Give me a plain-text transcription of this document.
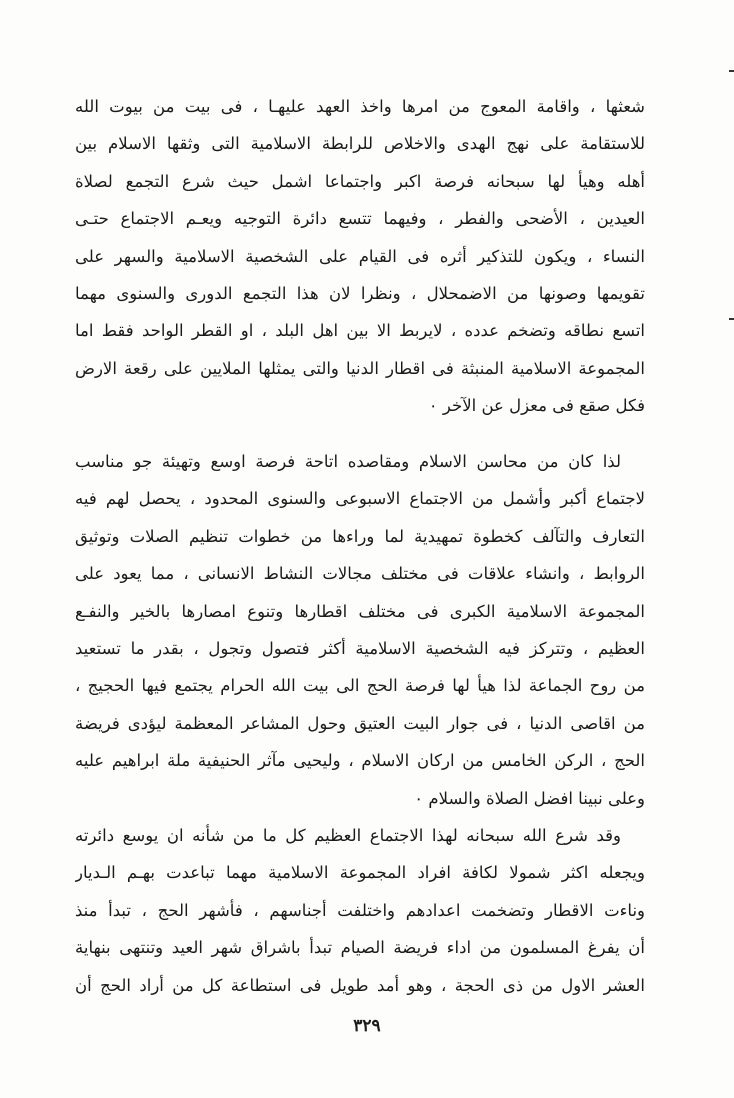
شعثها ، واقامة المعوج من امرها واخذ العهد عليهـا ، فى بيت من بيوت الله
للاستقامة على نهج الهدى والاخلاص للرابطة الاسلامية التى وثقها الاسلام بين
أهله وهيأ لها سبحانه فرصة اكبر واجتماعا اشمل حيث شرع التجمع لصلاة
العيدين ، الأضحى والفطر ، وفيهما تتسع دائرة التوجيه ويعـم الاجتماع حتـى
النساء ، ويكون للتذكير أثره فى القيام على الشخصية الاسلامية والسهر على
تقويمها وصونها من الاضمحلال ، ونظرا لان هذا التجمع الدورى والسنوى مهما
اتسع نطاقه وتضخم عدده ، لايربط الا بين اهل البلد ، او القطر الواحد فقط اما
المجموعة الاسلامية المنبثة فى اقطار الدنيا والتى يمثلها الملايين على رقعة الارض
فكل صقع فى معزل عن الآخر ٠
لذا كان من محاسن الاسلام ومقاصده اتاحة فرصة اوسع وتهيئة جو مناسب
لاجتماع أكبر وأشمل من الاجتماع الاسبوعى والسنوى المحدود ، يحصل لهم فيه
التعارف والتآلف كخطوة تمهيدية لما وراءها من خطوات تنظيم الصلات وتوثيق
الروابط ، وانشاء علاقات فى مختلف مجالات النشاط الانسانى ، مما يعود على
المجموعة الاسلامية الكبرى فى مختلف اقطارها وتنوع امصارها بالخير والنفـع
العظيم ، وتتركز فيه الشخصية الاسلامية أكثر فتصول وتجول ، بقدر ما تستعيد
من روح الجماعة لذا هيأ لها فرصة الحج الى بيت الله الحرام يجتمع فيها الحجيج ،
من اقاصى الدنيا ، فى جوار البيت العتيق وحول المشاعر المعظمة ليؤدى فريضة
الحج ، الركن الخامس من اركان الاسلام ، وليحيى مآثر الحنيفية ملة ابراهيم عليه
وعلى نبينا افضل الصلاة والسلام ٠
وقد شرع الله سبحانه لهذا الاجتماع العظيم كل ما من شأنه ان يوسع دائرته
ويجعله اكثر شمولا لكافة افراد المجموعة الاسلامية مهما تباعدت بهـم الـديار
وناءت الاقطار وتضخمت اعدادهم واختلفت أجناسهم ، فأشهر الحج ، تبدأ منذ
أن يفرغ المسلمون من اداء فريضة الصيام تبدأ باشراق شهر العيد وتنتهى بنهاية
العشر الاول من ذى الحجة ، وهو أمد طويل فى استطاعة كل من أراد الحج أن
٣٢٩
